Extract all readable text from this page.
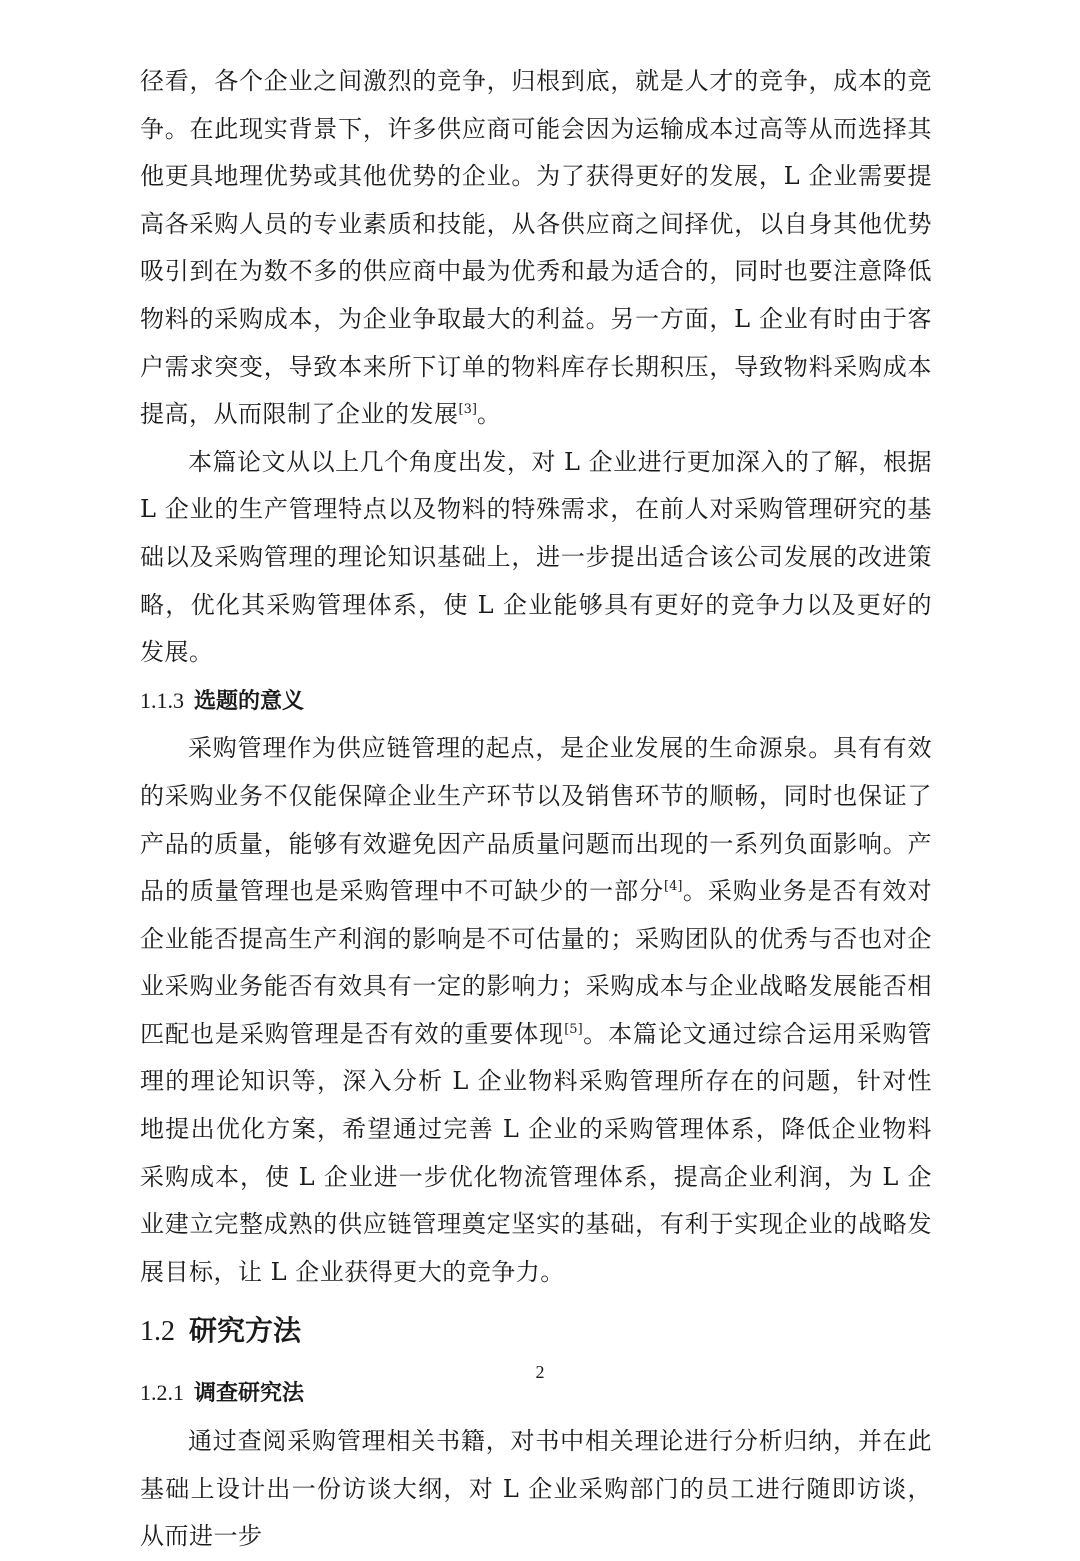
径看，各个企业之间激烈的竞争，归根到底，就是人才的竞争，成本的竞争。在此现实背景下，许多供应商可能会因为运输成本过高等从而选择其他更具地理优势或其他优势的企业。为了获得更好的发展，L 企业需要提高各采购人员的专业素质和技能，从各供应商之间择优，以自身其他优势吸引到在为数不多的供应商中最为优秀和最为适合的，同时也要注意降低物料的采购成本，为企业争取最大的利益。另一方面，L 企业有时由于客户需求突变，导致本来所下订单的物料库存长期积压，导致物料采购成本提高，从而限制了企业的发展[3]。

本篇论文从以上几个角度出发，对 L 企业进行更加深入的了解，根据 L 企业的生产管理特点以及物料的特殊需求，在前人对采购管理研究的基础以及采购管理的理论知识基础上，进一步提出适合该公司发展的改进策略，优化其采购管理体系，使 L 企业能够具有更好的竞争力以及更好的发展。

1.1.3 选题的意义

采购管理作为供应链管理的起点，是企业发展的生命源泉。具有有效的采购业务不仅能保障企业生产环节以及销售环节的顺畅，同时也保证了产品的质量，能够有效避免因产品质量问题而出现的一系列负面影响。产品的质量管理也是采购管理中不可缺少的一部分[4]。采购业务是否有效对企业能否提高生产利润的影响是不可估量的；采购团队的优秀与否也对企业采购业务能否有效具有一定的影响力；采购成本与企业战略发展能否相匹配也是采购管理是否有效的重要体现[5]。本篇论文通过综合运用采购管理的理论知识等，深入分析 L 企业物料采购管理所存在的问题，针对性地提出优化方案，希望通过完善 L 企业的采购管理体系，降低企业物料采购成本，使 L 企业进一步优化物流管理体系，提高企业利润，为 L 企业建立完整成熟的供应链管理奠定坚实的基础，有利于实现企业的战略发展目标，让 L 企业获得更大的竞争力。

1.2 研究方法
1.2.1 调查研究法

通过查阅采购管理相关书籍，对书中相关理论进行分析归纳，并在此基础上设计出一份访谈大纲，对 L 企业采购部门的员工进行随即访谈，从而进一步

2
